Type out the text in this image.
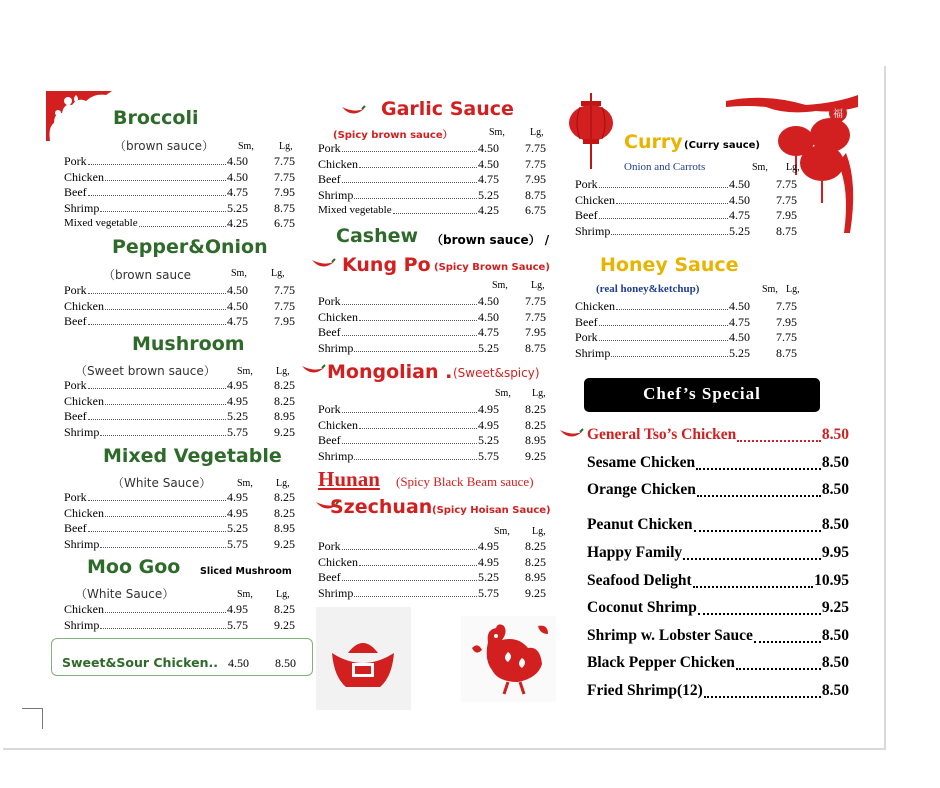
福
Broccoli
（brown sauce） Sm,	Lg,
Pork	4.50 7.75
Chicken	4.50 7.75
Beef	4.75 7.95
Shrimp	5.25 8.75
Mixed vegetable	4.25 6.75
Pepper&Onion
（brown sauce	Sm, Lg,
Pork	4.50 7.75
Chicken	4.50 7.75
Beef	4.75 7.95
Mushroom
（Sweet brown sauce） Sm, Lg,
Pork	4.95 8.25
Chicken	4.95 8.25
Beef	5.25 8.95
Shrimp	5.75 9.25
Mixed Vegetable
（White Sauce）	Sm, Lg,
Pork	4.95 8.25
Chicken	4.95 8.25
Beef	5.25 8.95
Shrimp	5.75 9.25
Moo Goo Sliced Mushroom
（White Sauce）	Sm, Lg,
Chicken	4.95 8.25
Shrimp	5.75 9.25
Sweet&Sour Chicken.. 4.50 8.50
Garlic Sauce
(Spicy brown sauce）	Sm,	Lg,
Pork	4.50 7.75
Chicken	4.50 7.75
Beef	4.75 7.95
Shrimp	5.25 8.75
Mixed vegetable	4.25 6.75
Cashew （brown sauce） /
Kung Po (Spicy Brown Sauce)
Sm, Lg,
Pork	4.50 7.75
Chicken	4.50 7.75
Beef	4.75 7.95
Shrimp	5.25 8.75
Mongolian . (Sweet&spicy)
Sm, Lg,
Pork	4.95 8.25
Chicken	4.95 8.25
Beef	5.25 8.95
Shrimp	5.75 9.25
Hunan (Spicy Black Beam sauce)
Szechuan (Spicy Hoisan Sauce)
Sm, Lg,
Pork	4.95 8.25
Chicken	4.95 8.25
Beef	5.25 8.95
Shrimp	5.75 9.25
Curry (Curry sauce)
Onion and Carrots	Sm, Lg,
Pork	4.50 7.75
Chicken	4.50 7.75
Beef	4.75 7.95
Shrimp	5.25 8.75
Honey Sauce
(real honey&ketchup)	Sm, Lg,
Chicken	4.50 7.75
Beef	4.75 7.95
Pork	4.50 7.75
Shrimp	5.25 8.75
Chef’s Special
General Tso’s Chicken	8.50
Sesame Chicken	8.50
Orange Chicken	8.50
Peanut Chicken	8.50
Happy Family	9.95
Seafood Delight	10.95
Coconut Shrimp	9.25
Shrimp w. Lobster Sauce	8.50
Black Pepper Chicken	8.50
Fried Shrimp(12)	8.50
